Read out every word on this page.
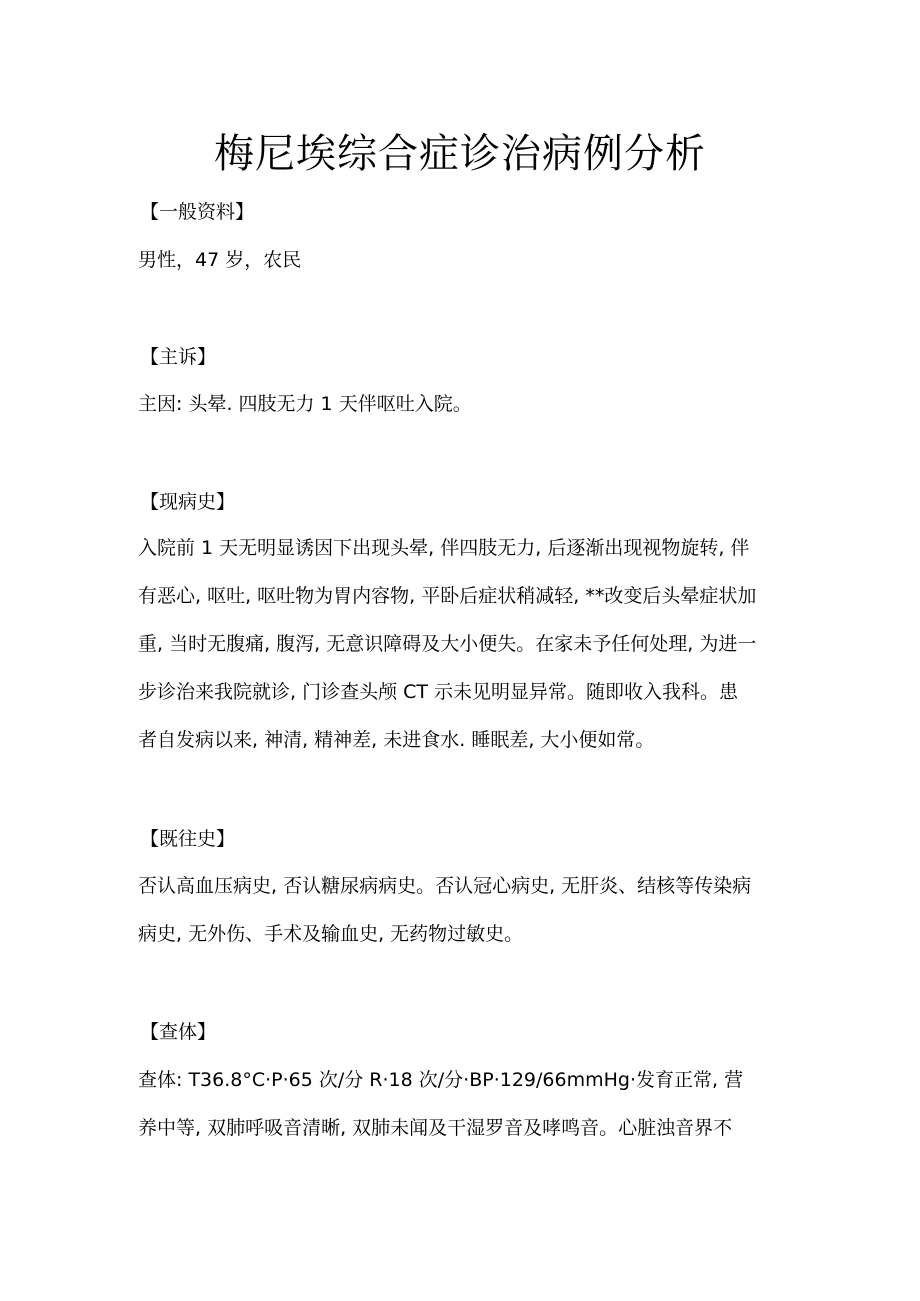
梅尼埃综合症诊治病例分析
【一般资料】
男性，47 岁，农民
【主诉】
主因: 头晕. 四肢无力 1 天伴呕吐入院。
【现病史】
入院前 1 天无明显诱因下出现头晕, 伴四肢无力, 后逐渐出现视物旋转, 伴
有恶心, 呕吐, 呕吐物为胃内容物, 平卧后症状稍减轻, **改变后头晕症状加
重, 当时无腹痛, 腹泻, 无意识障碍及大小便失。在家未予任何处理, 为进一
步诊治来我院就诊, 门诊查头颅 CT 示未见明显异常。随即收入我科。患
者自发病以来, 神清, 精神差, 未进食水. 睡眠差, 大小便如常。
【既往史】
否认高血压病史, 否认糖尿病病史。否认冠心病史, 无肝炎、结核等传染病
病史, 无外伤、手术及输血史, 无药物过敏史。
【查体】
查体: T36.8°C·P·65 次/分 R·18 次/分·BP·129/66mmHg·发育正常, 营
养中等, 双肺呼吸音清晰, 双肺未闻及干湿罗音及哮鸣音。心脏浊音界不
